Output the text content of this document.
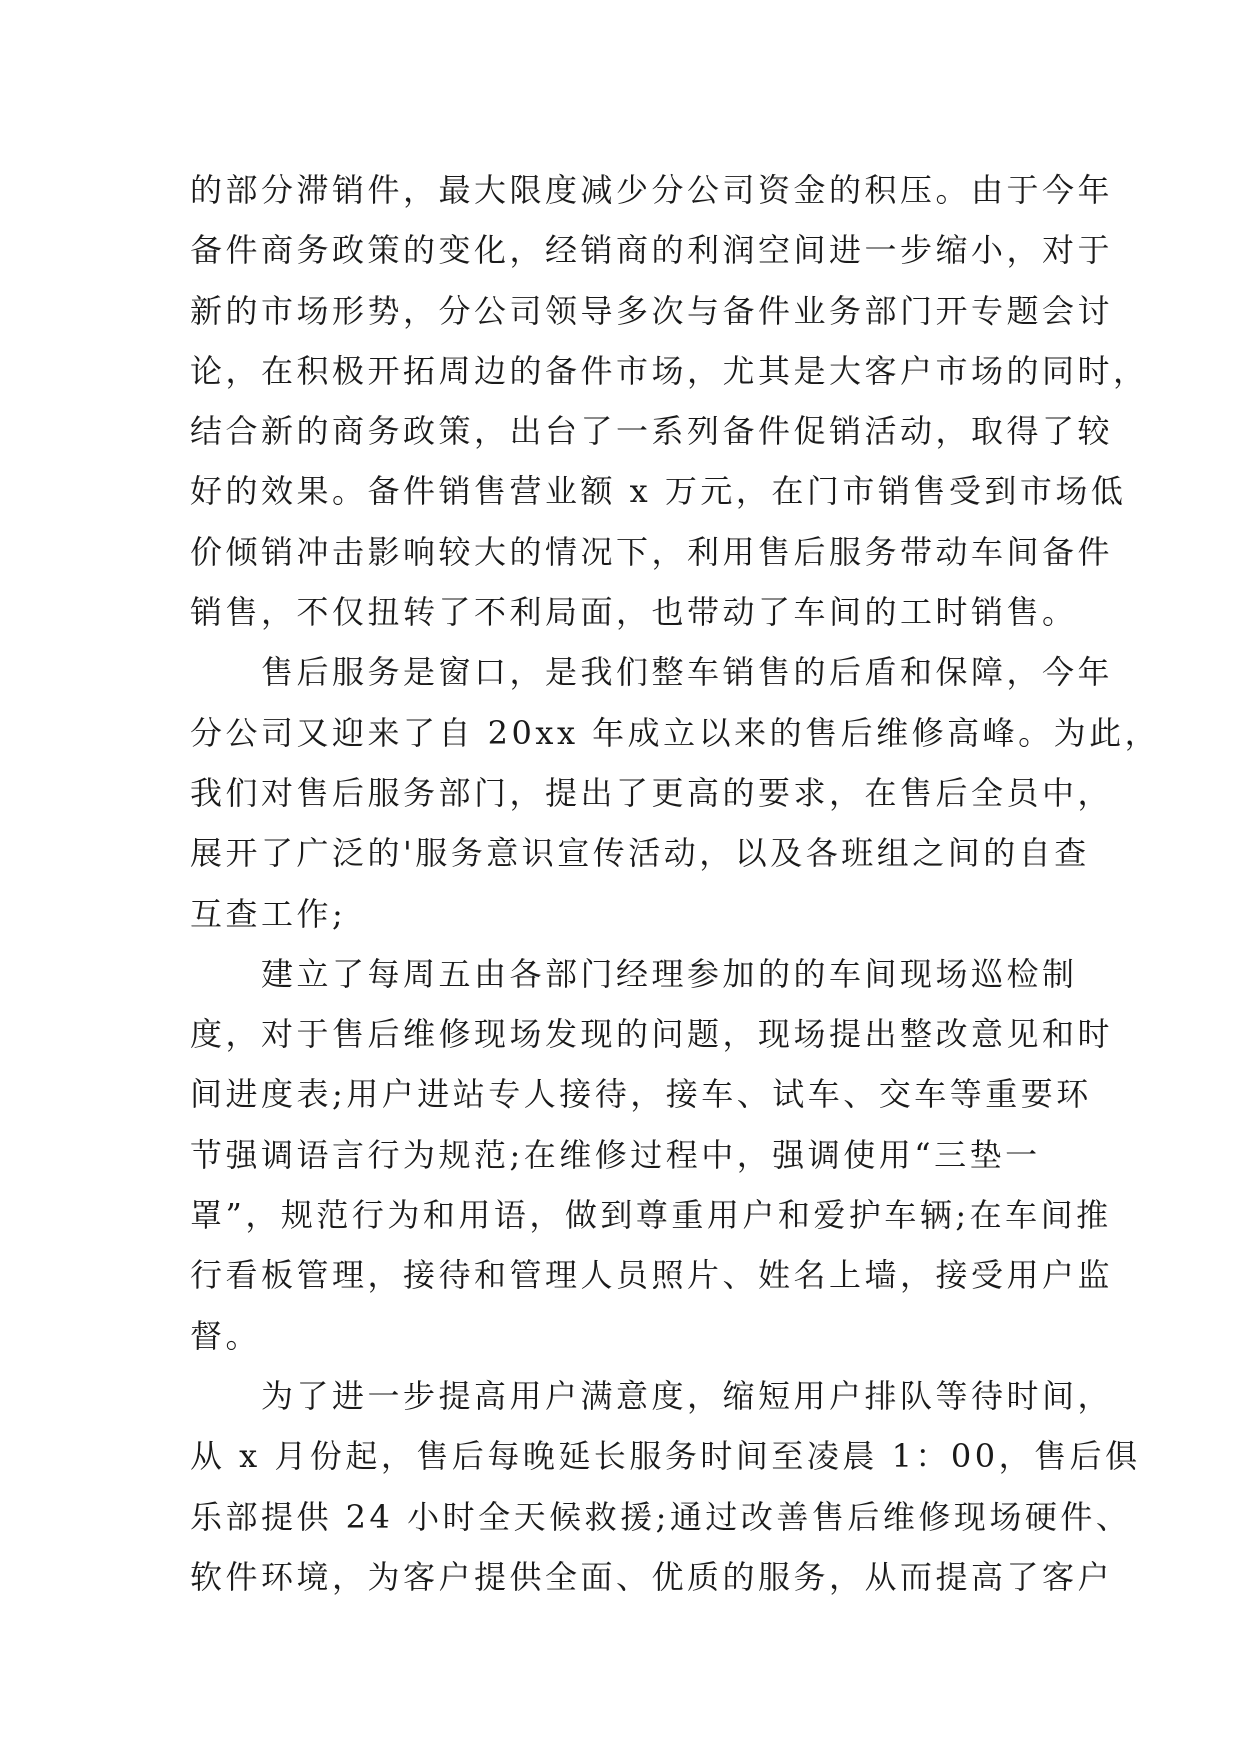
的部分滞销件，最大限度减少分公司资金的积压。由于今年
备件商务政策的变化，经销商的利润空间进一步缩小，对于
新的市场形势，分公司领导多次与备件业务部门开专题会讨
论，在积极开拓周边的备件市场，尤其是大客户市场的同时，
结合新的商务政策，出台了一系列备件促销活动，取得了较
好的效果。备件销售营业额 x 万元，在门市销售受到市场低
价倾销冲击影响较大的情况下，利用售后服务带动车间备件
销售，不仅扭转了不利局面，也带动了车间的工时销售。
　　售后服务是窗口，是我们整车销售的后盾和保障，今年
分公司又迎来了自 20xx 年成立以来的售后维修高峰。为此，
我们对售后服务部门，提出了更高的要求，在售后全员中，
展开了广泛的'服务意识宣传活动，以及各班组之间的自查
互查工作;
　　建立了每周五由各部门经理参加的的车间现场巡检制
度，对于售后维修现场发现的问题，现场提出整改意见和时
间进度表;用户进站专人接待，接车、试车、交车等重要环
节强调语言行为规范;在维修过程中，强调使用“三垫一
罩”，规范行为和用语，做到尊重用户和爱护车辆;在车间推
行看板管理，接待和管理人员照片、姓名上墙，接受用户监
督。
　　为了进一步提高用户满意度，缩短用户排队等待时间，
从 x 月份起，售后每晚延长服务时间至凌晨 1：00，售后俱
乐部提供 24 小时全天候救援;通过改善售后维修现场硬件、
软件环境，为客户提供全面、优质的服务，从而提高了客户
